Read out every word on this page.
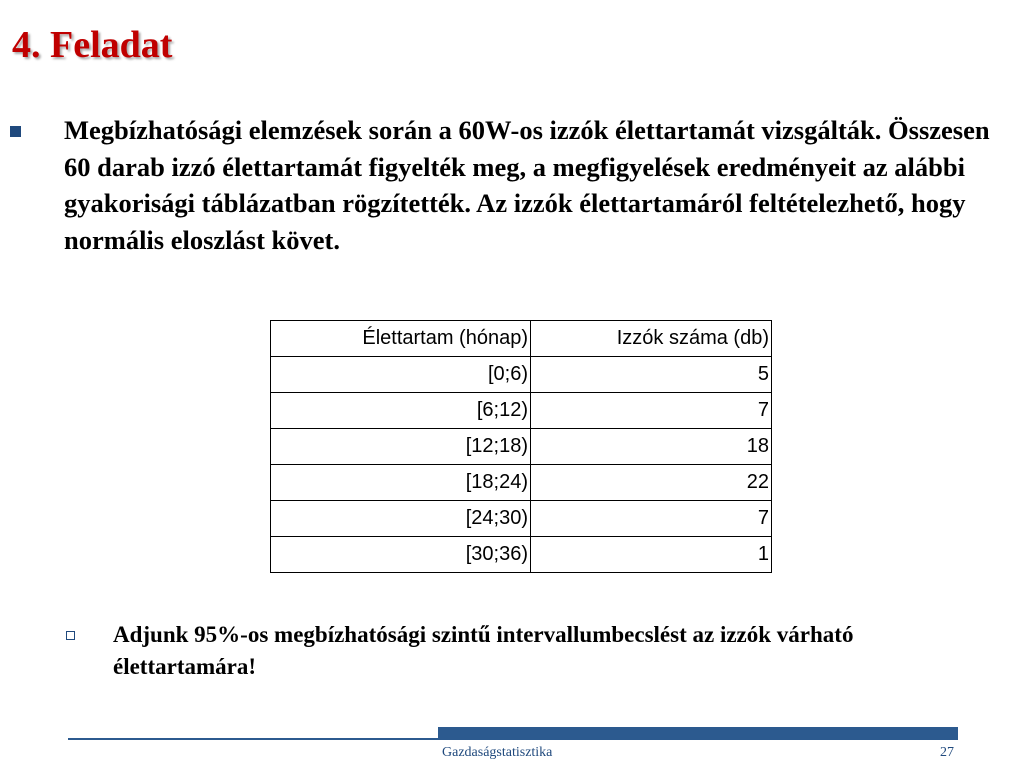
4. Feladat

Megbízhatósági elemzések során a 60W-os izzók élettartamát vizsgálták. Összesen 60 darab izzó élettartamát figyelték meg, a megfigyelések eredményeit az alábbi gyakorisági táblázatban rögzítették. Az izzók élettartamáról feltételezhető, hogy normális eloszlást követ.

Élettartam (hónap)	Izzók száma (db)
[0;6)	5
[6;12)	7
[12;18)	18
[18;24)	22
[24;30)	7
[30;36)	1

Adjunk 95%-os megbízhatósági szintű intervallumbecslést az izzók várható élettartamára!

Gazdaságstatisztika	27
